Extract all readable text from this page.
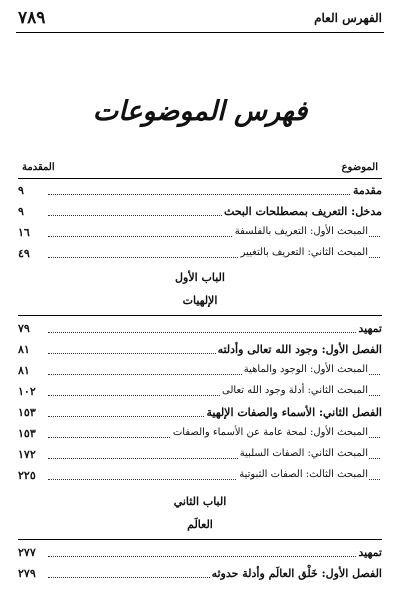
٧٨٩	الفهرس العام
فهرس الموضوعات
الموضوع
المقدمة
مقدمة
٩
مدخل: التعريف بمصطلحات البحث
٩
المبحث الأول: التعريف بالفلسفة
١٦
المبحث الثاني: التعريف بالتغيير
٤٩
الباب الأول
الإلهيات
تمهيد
٧٩
الفصل الأول: وجود الله تعالى وأدلته
٨١
المبحث الأول: الوجود والماهية
٨١
المبحث الثاني: أدلة وجود الله تعالى
١٠٢
الفصل الثاني: الأسماء والصفات الإلهية
١٥٣
المبحث الأول: لمحة عامة عن الأسماء والصفات
١٥٣
المبحث الثاني: الصفات السلبية
١٧٢
المبحث الثالث: الصفات الثبوتية
٢٢٥
الباب الثاني
العالَم
تمهيد
٢٧٧
الفصل الأول: خَلْق العالَم وأدلة حدوثه
٢٧٩
